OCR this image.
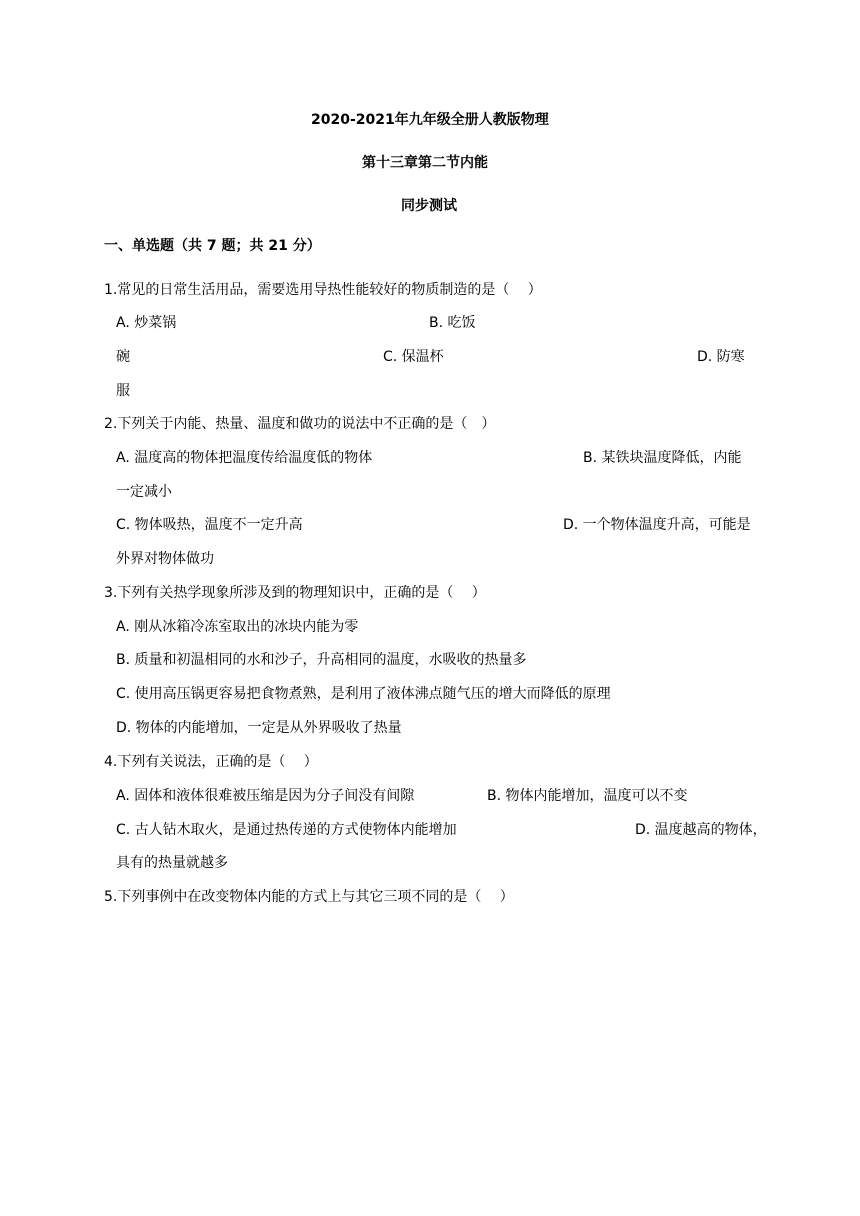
2020-2021年九年级全册人教版物理
第十三章第二节内能
同步测试
一、单选题（共 7 题；共 21 分）
1.常见的日常生活用品，需要选用导热性能较好的物质制造的是（　 ）
A. 炒菜锅	B. 吃饭
碗	C. 保温杯	D. 防寒
服
2.下列关于内能、热量、温度和做功的说法中不正确的是（　）
A. 温度高的物体把温度传给温度低的物体	B. 某铁块温度降低，内能
一定减小
C. 物体吸热，温度不一定升高	D. 一个物体温度升高，可能是
外界对物体做功
3.下列有关热学现象所涉及到的物理知识中，正确的是（　 ）
A. 刚从冰箱冷冻室取出的冰块内能为零
B. 质量和初温相同的水和沙子，升高相同的温度，水吸收的热量多
C. 使用高压锅更容易把食物煮熟，是利用了液体沸点随气压的增大而降低的原理
D. 物体的内能增加，一定是从外界吸收了热量
4.下列有关说法，正确的是（　 ）
A. 固体和液体很难被压缩是因为分子间没有间隙	B. 物体内能增加，温度可以不变
C. 古人钻木取火，是通过热传递的方式使物体内能增加	D. 温度越高的物体，
具有的热量就越多
5.下列事例中在改变物体内能的方式上与其它三项不同的是（　 ）
